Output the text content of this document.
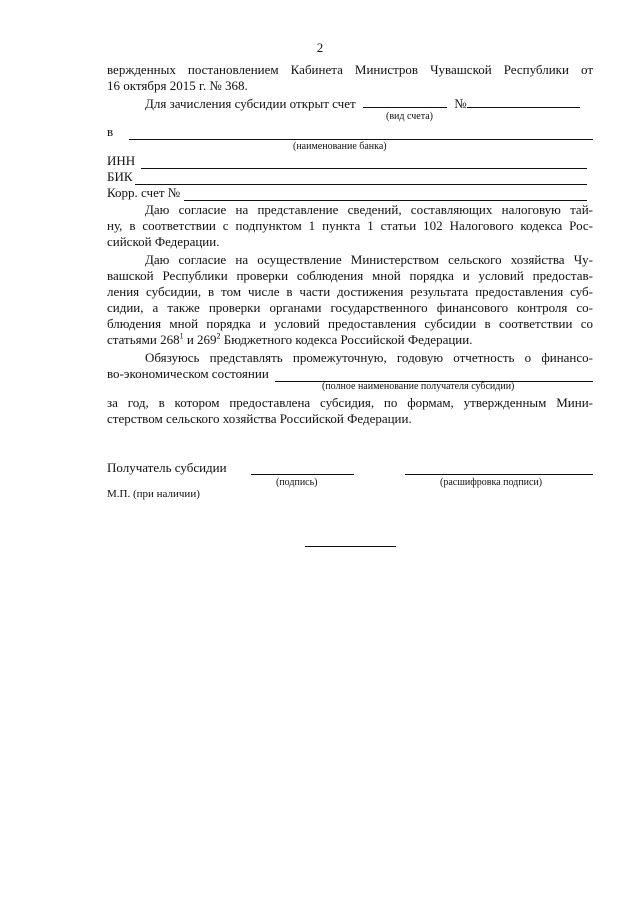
2
вержденных постановлением Кабинета Министров Чувашской Республики от
16 октября 2015 г. № 368.
Для зачисления субсидии открыт счет	№
(вид счета)
в
(наименование банка)
ИНН
БИК
Корр. счет №
Даю согласие на представление сведений, составляющих налоговую тай-
ну, в соответствии с подпунктом 1 пункта 1 статьи 102 Налогового кодекса Рос-
сийской Федерации.
Даю согласие на осуществление Министерством сельского хозяйства Чу-
вашской Республики проверки соблюдения мной порядка и условий предостав-
ления субсидии, в том числе в части достижения результата предоставления суб-
сидии, а также проверки органами государственного финансового контроля со-
блюдения мной порядка и условий предоставления субсидии в соответствии со
статьями $268^1$ и $269^2$ Бюджетного кодекса Российской Федерации.
Обязуюсь представлять промежуточную, годовую отчетность о финансо-
во-экономическом состоянии
(полное наименование получателя субсидии)
за год, в котором предоставлена субсидия, по формам, утвержденным Мини-
стерством сельского хозяйства Российской Федерации.
Получатель субсидии
(подпись)	(расшифровка подписи)
М.П. (при наличии)
